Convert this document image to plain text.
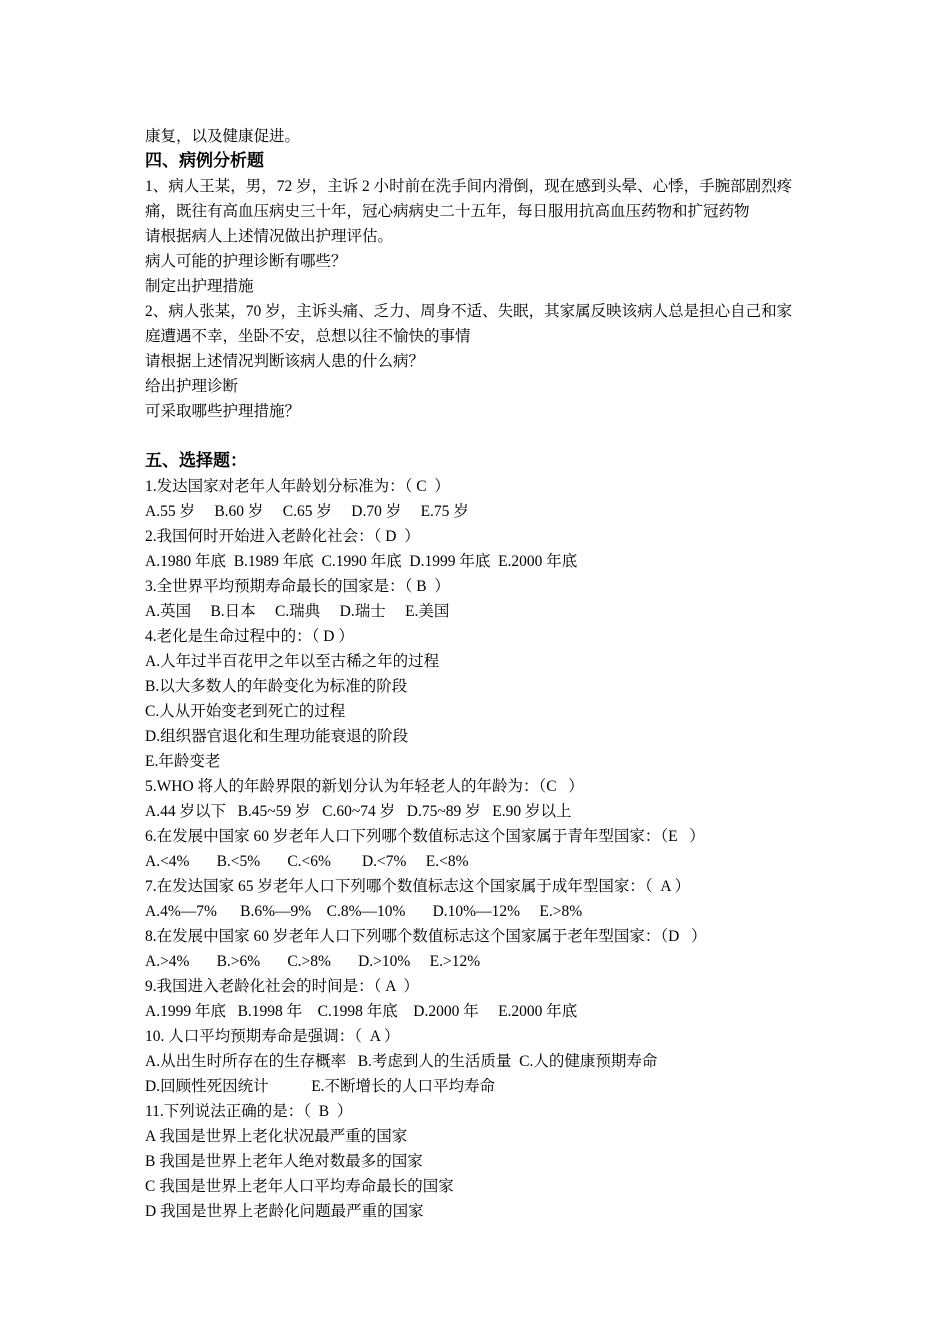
康复，以及健康促进。
四、病例分析题
1、病人王某，男，72 岁，主诉 2 小时前在洗手间内滑倒，现在感到头晕、心悸，手腕部剧烈疼
痛，既往有高血压病史三十年，冠心病病史二十五年，每日服用抗高血压药物和扩冠药物
请根据病人上述情况做出护理评估。
病人可能的护理诊断有哪些？
制定出护理措施
2、病人张某，70 岁，主诉头痛、乏力、周身不适、失眠，其家属反映该病人总是担心自己和家
庭遭遇不幸，坐卧不安，总想以往不愉快的事情
请根据上述情况判断该病人患的什么病？
给出护理诊断
可采取哪些护理措施？
五、选择题：
1.发达国家对老年人年龄划分标准为：（ C  ）
A.55 岁     B.60 岁     C.65 岁     D.70 岁     E.75 岁
2.我国何时开始进入老龄化社会：（ D  ）
A.1980 年底  B.1989 年底  C.1990 年底  D.1999 年底  E.2000 年底
3.全世界平均预期寿命最长的国家是：（ B  ）
A.英国     B.日本     C.瑞典     D.瑞士     E.美国
4.老化是生命过程中的：（ D ）
A.人年过半百花甲之年以至古稀之年的过程
B.以大多数人的年龄变化为标准的阶段
C.人从开始变老到死亡的过程
D.组织器官退化和生理功能衰退的阶段
E.年龄变老
5.WHO 将人的年龄界限的新划分认为年轻老人的年龄为：（C   ）
A.44 岁以下   B.45~59 岁   C.60~74 岁   D.75~89 岁   E.90 岁以上
6.在发展中国家 60 岁老年人口下列哪个数值标志这个国家属于青年型国家：（E   ）
A.<4%       B.<5%       C.<6%        D.<7%     E.<8%
7.在发达国家 65 岁老年人口下列哪个数值标志这个国家属于成年型国家：（  A ）
A.4%—7%      B.6%—9%    C.8%—10%       D.10%—12%     E.>8%
8.在发展中国家 60 岁老年人口下列哪个数值标志这个国家属于老年型国家：（D   ）
A.>4%       B.>6%       C.>8%       D.>10%     E.>12%
9.我国进入老龄化社会的时间是：（ A  ）
A.1999 年底   B.1998 年    C.1998 年底    D.2000 年     E.2000 年底
10. 人口平均预期寿命是强调：（  A ）
A.从出生时所存在的生存概率   B.考虑到人的生活质量  C.人的健康预期寿命
D.回顾性死因统计           E.不断增长的人口平均寿命
11.下列说法正确的是：（  B  ）
A 我国是世界上老化状况最严重的国家
B 我国是世界上老年人绝对数最多的国家
C 我国是世界上老年人口平均寿命最长的国家
D 我国是世界上老龄化问题最严重的国家
